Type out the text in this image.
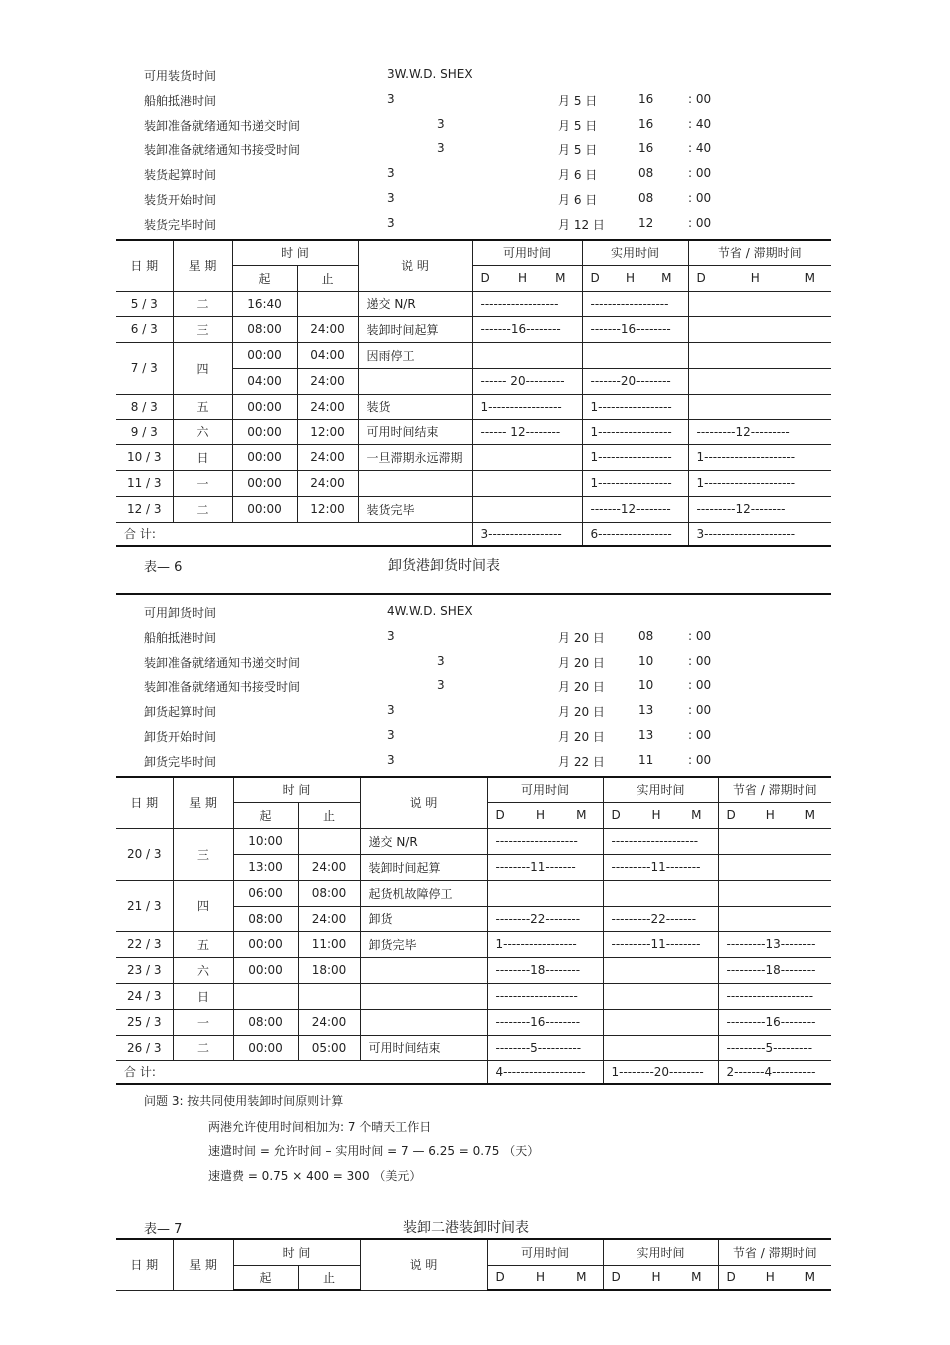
可用装货时间	3W.W.D. SHEX
船舶抵港时间	3	月 5 日	16	: 00
装卸准备就绪通知书递交时间	3	月 5 日	16	: 40
装卸准备就绪通知书接受时间	3	月 5 日	16	: 40
装货起算时间	3	月 6 日	08	: 00
装货开始时间	3	月 6 日	08	: 00
装货完毕时间	3	月 12 日	12	: 00
日 期	星 期	时 间		说 明	可用时间	实用时间	节省 / 滞期时间
		起	止		D H M	D H M	D H M

5 / 3	二	16:40		递交 N/R	------------------	------------------	
6 / 3	三	08:00	24:00	装卸时间起算	-------16--------	-------16--------	
7 / 3	四	00:00	04:00	因雨停工			
		04:00	24:00		------ 20---------	-------20--------	
8 / 3	五	00:00	24:00	装货	1-----------------	1-----------------	
9 / 3	六	00:00	12:00	可用时间结束	------ 12--------	1-----------------	---------12---------
10 / 3	日	00:00	24:00	一旦滞期永远滞期		1-----------------	1---------------------
11 / 3	一	00:00	24:00			1-----------------	1---------------------
12 / 3	二	00:00	12:00	装货完毕		-------12--------	---------12--------
合 计:					3-----------------	6-----------------	3---------------------
表— 6	卸货港卸货时间表
可用卸货时间	4W.W.D. SHEX
船舶抵港时间	3	月 20 日	08	: 00
装卸准备就绪通知书递交时间	3	月 20 日	10	: 00
装卸准备就绪通知书接受时间	3	月 20 日	10	: 00
卸货起算时间	3	月 20 日	13	: 00
卸货开始时间	3	月 20 日	13	: 00
卸货完毕时间	3	月 22 日	11	: 00
日 期	星 期	时 间		说 明	可用时间	实用时间	节省 / 滞期时间
		起	止		D H M	D H M	D H M

20 / 3	三	10:00		递交 N/R	-------------------	--------------------	
		13:00	24:00	装卸时间起算	--------11-------	---------11--------	
21 / 3	四	06:00	08:00	起货机故障停工			
		08:00	24:00	卸货	--------22--------	---------22-------	
22 / 3	五	00:00	11:00	卸货完毕	1-----------------	---------11--------	---------13--------
23 / 3	六	00:00	18:00		--------18--------		---------18--------
24 / 3	日				-------------------		--------------------
25 / 3	一	08:00	24:00		--------16--------		---------16--------
26 / 3	二	00:00	05:00	可用时间结束	--------5----------		---------5---------
合 计:					4-------------------	1--------20--------	2-------4----------
问题 3: 按共同使用装卸时间原则计算
两港允许使用时间相加为: 7 个晴天工作日
速遣时间 = 允许时间 – 实用时间 = 7 — 6.25 = 0.75 （天）
速遣费 = 0.75 × 400 = 300 （美元）
表— 7	装卸二港装卸时间表
日 期	星 期	时 间		说 明	可用时间	实用时间	节省 / 滞期时间
		起	止		D H M	D H M	D H M
